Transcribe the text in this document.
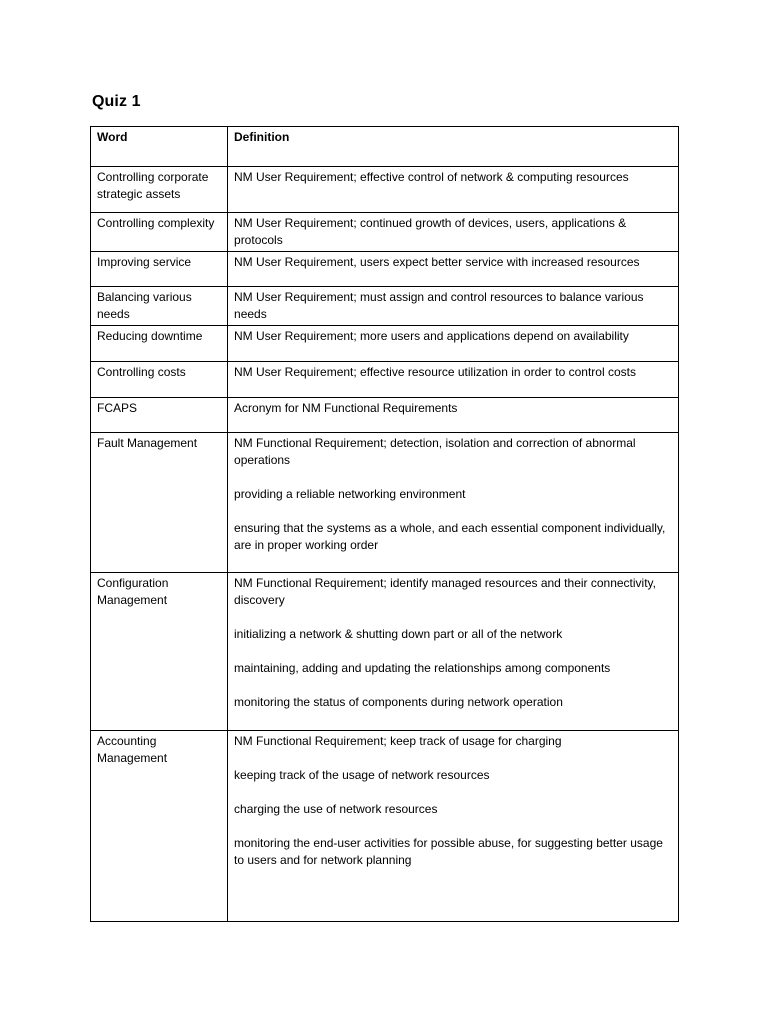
Quiz 1
Word	Definition
Controlling corporate strategic assets	NM User Requirement; effective control of network & computing resources

Controlling complexity	NM User Requirement; continued growth of devices, users, applications & protocols

Improving service	NM User Requirement, users expect better service with increased resources

Balancing various needs	NM User Requirement; must assign and control resources to balance various needs

Reducing downtime	NM User Requirement; more users and applications depend on availability

Controlling costs	NM User Requirement; effective resource utilization in order to control costs

FCAPS	Acronym for NM Functional Requirements

Fault Management	NM Functional Requirement; detection, isolation and correction of abnormal operations

providing a reliable networking environment

ensuring that the systems as a whole, and each essential component individually, are in proper working order

Configuration Management	NM Functional Requirement; identify managed resources and their connectivity, discovery

initializing a network & shutting down part or all of the network

maintaining, adding and updating the relationships among components

monitoring the status of components during network operation

Accounting Management	NM Functional Requirement; keep track of usage for charging

keeping track of the usage of network resources

charging the use of network resources

monitoring the end-user activities for possible abuse, for suggesting better usage to users and for network planning
